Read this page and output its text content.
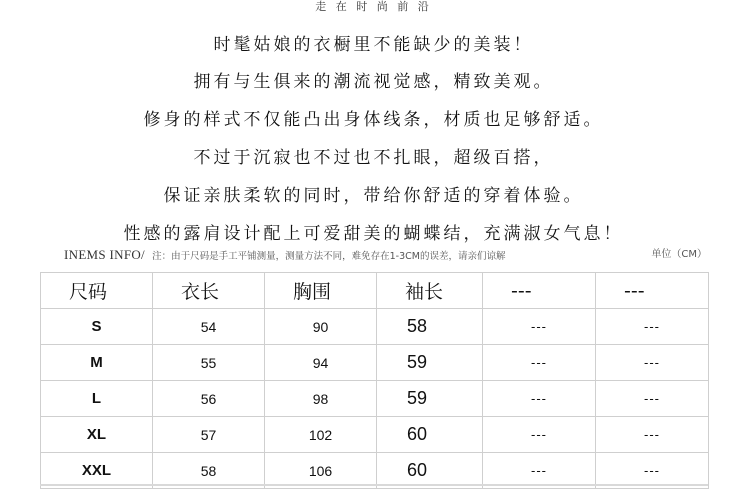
走 在 时 尚 前 沿
时髦姑娘的衣橱里不能缺少的美装！
拥有与生俱来的潮流视觉感，精致美观。
修身的样式不仅能凸出身体线条，材质也足够舒适。
不过于沉寂也不过也不扎眼，超级百搭，
保证亲肤柔软的同时，带给你舒适的穿着体验。
性感的露肩设计配上可爱甜美的蝴蝶结，充满淑女气息！
INEMS INFO/ 注：由于尺码是手工平铺测量，测量方法不同，难免存在1-3CM的误差，请亲们谅解	单位（CM）
尺码	衣长	胸围	袖长	---	---
S	54	90	58	---	---
M	55	94	59	---	---
L	56	98	59	---	---
XL	57	102	60	---	---
XXL	58	106	60	---	---
